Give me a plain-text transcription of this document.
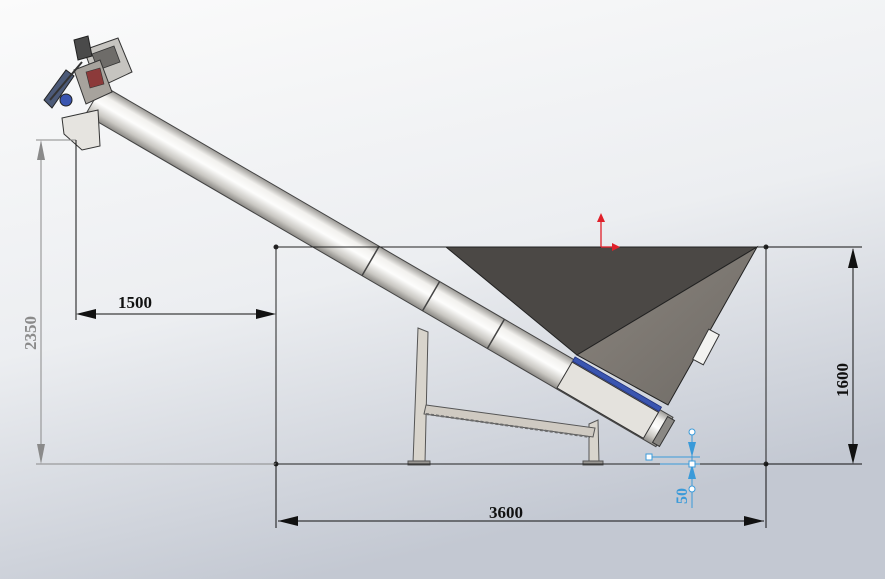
2350
1500
1600
3600
50
